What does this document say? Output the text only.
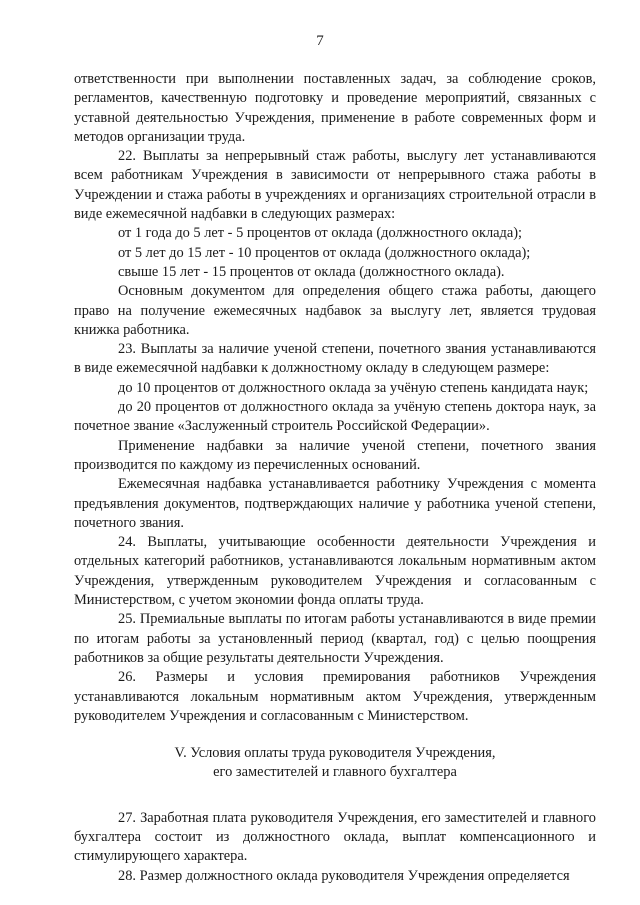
7

ответственности при выполнении поставленных задач, за соблюдение сроков, регламентов, качественную подготовку и проведение мероприятий, связанных с уставной деятельностью Учреждения, применение в работе современных форм и методов организации труда.

22. Выплаты за непрерывный стаж работы, выслугу лет устанавливаются всем работникам Учреждения в зависимости от непрерывного стажа работы в Учреждении и стажа работы в учреждениях и организациях строительной отрасли в виде ежемесячной надбавки в следующих размерах:

от 1 года до 5 лет - 5 процентов от оклада (должностного оклада);

от 5 лет до 15 лет - 10 процентов от оклада (должностного оклада);

свыше 15 лет - 15 процентов от оклада (должностного оклада).

Основным документом для определения общего стажа работы, дающего право на получение ежемесячных надбавок за выслугу лет, является трудовая книжка работника.

23. Выплаты за наличие ученой степени, почетного звания устанавливаются в виде ежемесячной надбавки к должностному окладу в следующем размере:

до 10 процентов от должностного оклада за учёную степень кандидата наук;

до 20 процентов от должностного оклада за учёную степень доктора наук, за почетное звание «Заслуженный строитель Российской Федерации».

Применение надбавки за наличие ученой степени, почетного звания производится по каждому из перечисленных оснований.

Ежемесячная надбавка устанавливается работнику Учреждения с момента предъявления документов, подтверждающих наличие у работника ученой степени, почетного звания.

24. Выплаты, учитывающие особенности деятельности Учреждения и отдельных категорий работников, устанавливаются локальным нормативным актом Учреждения, утвержденным руководителем Учреждения и согласованным с Министерством, с учетом экономии фонда оплаты труда.

25. Премиальные выплаты по итогам работы устанавливаются в виде премии по итогам работы за установленный период (квартал, год) с целью поощрения работников за общие результаты деятельности Учреждения.

26. Размеры и условия премирования работников Учреждения устанавливаются локальным нормативным актом Учреждения, утвержденным руководителем Учреждения и согласованным с Министерством.

V. Условия оплаты труда руководителя Учреждения,
его заместителей и главного бухгалтера

27. Заработная плата руководителя Учреждения, его заместителей и главного бухгалтера состоит из должностного оклада, выплат компенсационного и стимулирующего характера.

28. Размер должностного оклада руководителя Учреждения определяется
